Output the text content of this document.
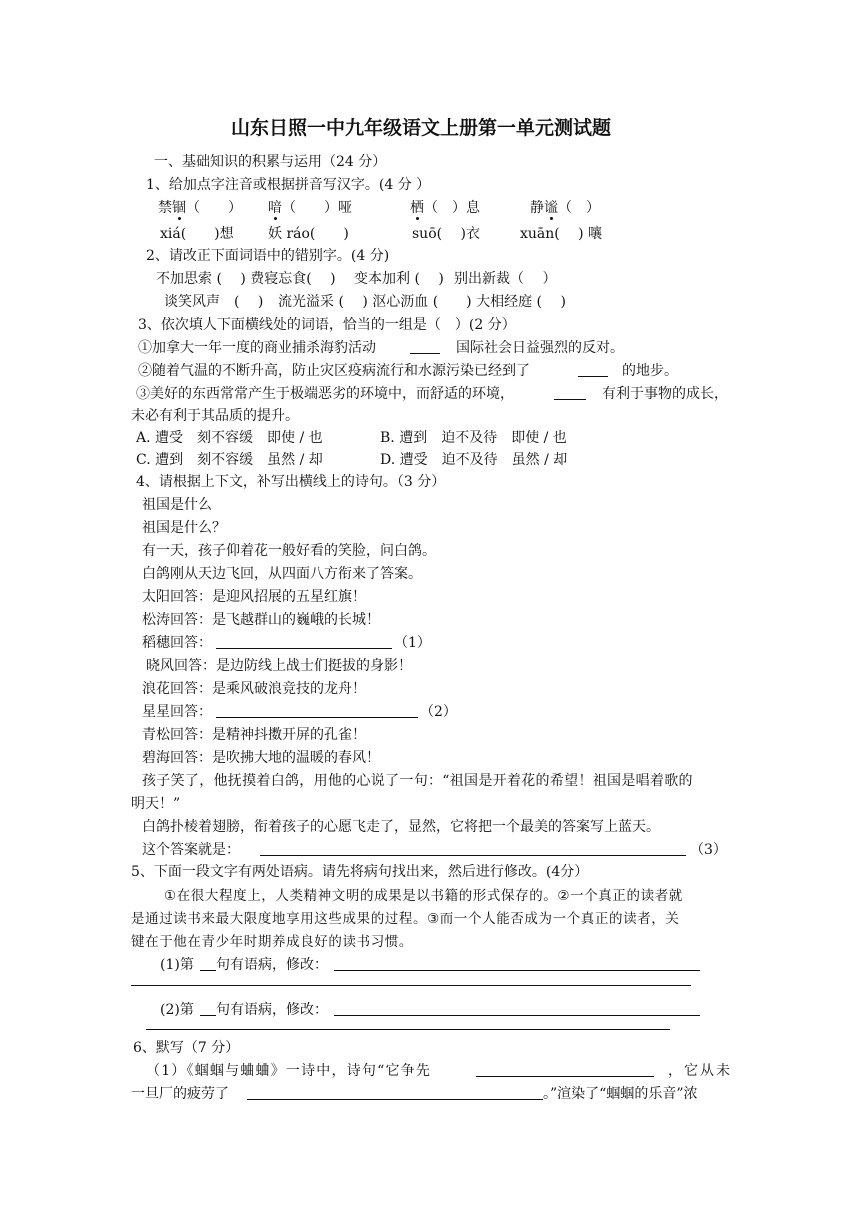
山东日照一中九年级语文上册第一单元测试题
一、基础知识的积累与运用（24 分）
1、给加点字注音或根据拼音写汉字。(4 分 ）
禁锢（　　） 喑（　　）哑	栖（　）息	静谧（　）
xiá(　　)想 妖 ráo(　　)	suō(　 )衣	xuān(　 ) 嚷
2、请改正下面词语中的错别字。(4 分)
不加思索 (　 ) 费寝忘食(　 ) 变本加利 (　 ) 别出新裁（　 ）
谈笑风声　(　 ) 流光溢采 (　 ) 沤心沥血 (　　) 大相经庭 (　 )
3、依次填人下面横线处的词语，恰当的一组是（　）(2 分）
①加拿大一年一度的商业捕杀海豹活动	国际社会日益强烈的反对。
②随着气温的不断升高，防止灾区疫病流行和水源污染已经到了	的地步。
③美好的东西常常产生于极端恶劣的环境中，而舒适的环境，	有利于事物的成长，
未必有利于其品质的提升。
A. 遭受　刻不容缓　即使 / 也	B. 遭到　迫不及待　即使 / 也
C. 遭到　刻不容缓　虽然 / 却	D. 遭受　迫不及待　虽然 / 却
4、请根据上下文，补写出横线上的诗句。（3 分）
祖国是什么
祖国是什么？
有一天，孩子仰着花一般好看的笑脸，问白鸽。
白鸽刚从天边飞回，从四面八方衔来了答案。
太阳回答：是迎风招展的五星红旗！
松涛回答：是飞越群山的巍峨的长城！
稻穗回答：	（1）
晓风回答：是边防线上战士们挺拔的身影！
浪花回答：是乘风破浪竞技的龙舟！
星星回答：	（2）
青松回答：是精神抖擞开屏的孔雀！
碧海回答：是吹拂大地的温暖的春风！
孩子笑了，他抚摸着白鸽，用他的心说了一句：“祖国是开着花的希望！祖国是唱着歌的
明天！”
白鸽扑棱着翅膀，衔着孩子的心愿飞走了，显然，它将把一个最美的答案写上蓝天。
这个答案就是：	（3）
5、下面一段文字有两处语病。请先将病句找出来，然后进行修改。(4分）
①在很大程度上，人类精神文明的成果是以书籍的形式保存的。②一个真正的读者就
是通过读书来最大限度地享用这些成果的过程。③而一个人能否成为一个真正的读者，关
键在于他在青少年时期养成良好的读书习惯。
(1)第 句有语病，修改：
(2)第 句有语病，修改：
6、默写（7 分）
（1）《蝈蝈与蛐蛐》一诗中，诗句“它争先	，它从未
一旦厂的疲劳了	。”渲染了“蝈蝈的乐音”浓
